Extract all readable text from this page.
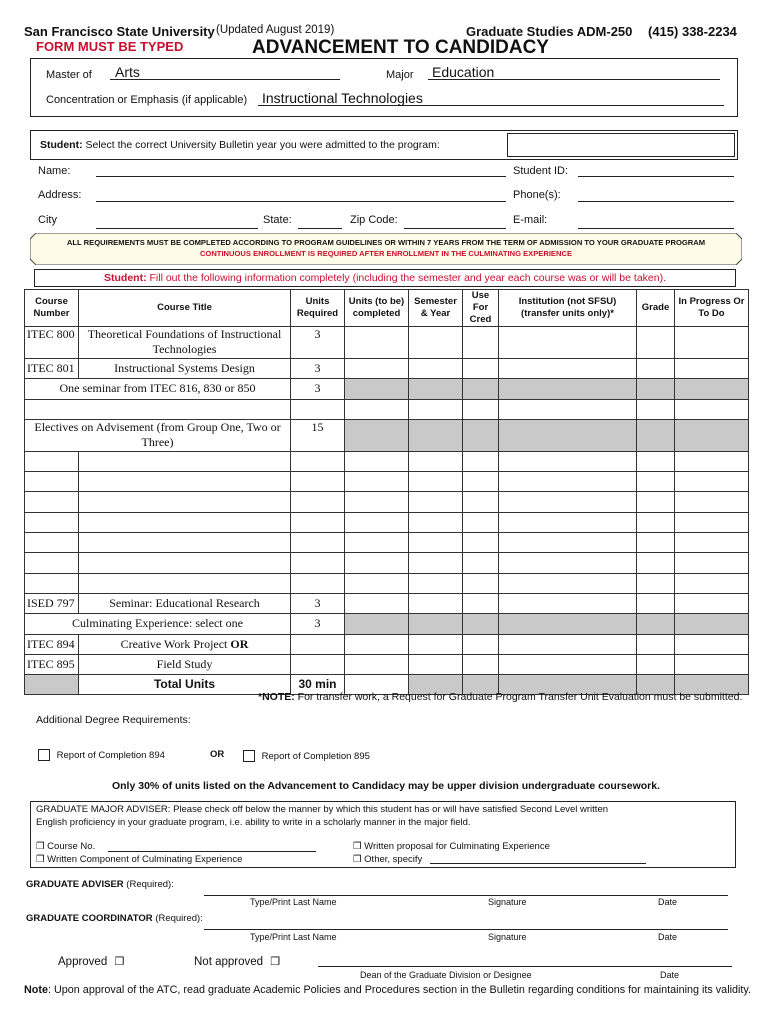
San Francisco State University (Updated August 2019)	Graduate Studies ADM-250 (415) 338-2234
FORM MUST BE TYPED	ADVANCEMENT TO CANDIDACY
Master of Arts	Major Education
Concentration or Emphasis (if applicable) Instructional Technologies
Student: Select the correct University Bulletin year you were admitted to the program:
Name:	Student ID:
Address:	Phone(s):
City	State:	Zip Code:	E-mail:
ALL REQUIREMENTS MUST BE COMPLETED ACCORDING TO PROGRAM GUIDELINES OR WITHIN 7 YEARS FROM THE TERM OF ADMISSION TO YOUR GRADUATE PROGRAM
CONTINUOUS ENROLLMENT IS REQUIRED AFTER ENROLLMENT IN THE CULMINATING EXPERIENCE
Student: Fill out the following information completely (including the semester and year each course was or will be taken).
Course Number	Course Title	Units Required	Units (to be) completed	Semester & Year	Use For Cred	Institution (not SFSU) (transfer units only)*	Grade	In Progress Or To Do
ITEC 800	Theoretical Foundations of Instructional Technologies	3						
ITEC 801	Instructional Systems Design	3						
One seminar from ITEC 816, 830 or 850		3						

Electives on Advisement (from Group One, Two or Three)		15						

ISED 797	Seminar: Educational Research	3						
Culminating Experience: select one		3						
ITEC 894	Creative Work Project OR							
ITEC 895	Field Study							
	Total Units	30 min						
*NOTE: For transfer work, a Request for Graduate Program Transfer Unit Evaluation must be submitted.
Additional Degree Requirements:
Report of Completion 894	OR	Report of Completion 895
Only 30% of units listed on the Advancement to Candidacy may be upper division undergraduate coursework.
GRADUATE MAJOR ADVISER: Please check off below the manner by which this student has or will have satisfied Second Level written English proficiency in your graduate program, i.e. ability to write in a scholarly manner in the major field.
❒ Course No.
❒ Written Component of Culminating Experience
❒ Written proposal for Culminating Experience
❒ Other, specify
GRADUATE ADVISER (Required):
Type/Print Last Name	Signature	Date
GRADUATE COORDINATOR (Required):
Type/Print Last Name	Signature	Date
Approved ❒	Not approved ❒
Dean of the Graduate Division or Designee	Date
Note: Upon approval of the ATC, read graduate Academic Policies and Procedures section in the Bulletin regarding conditions for maintaining its validity.
